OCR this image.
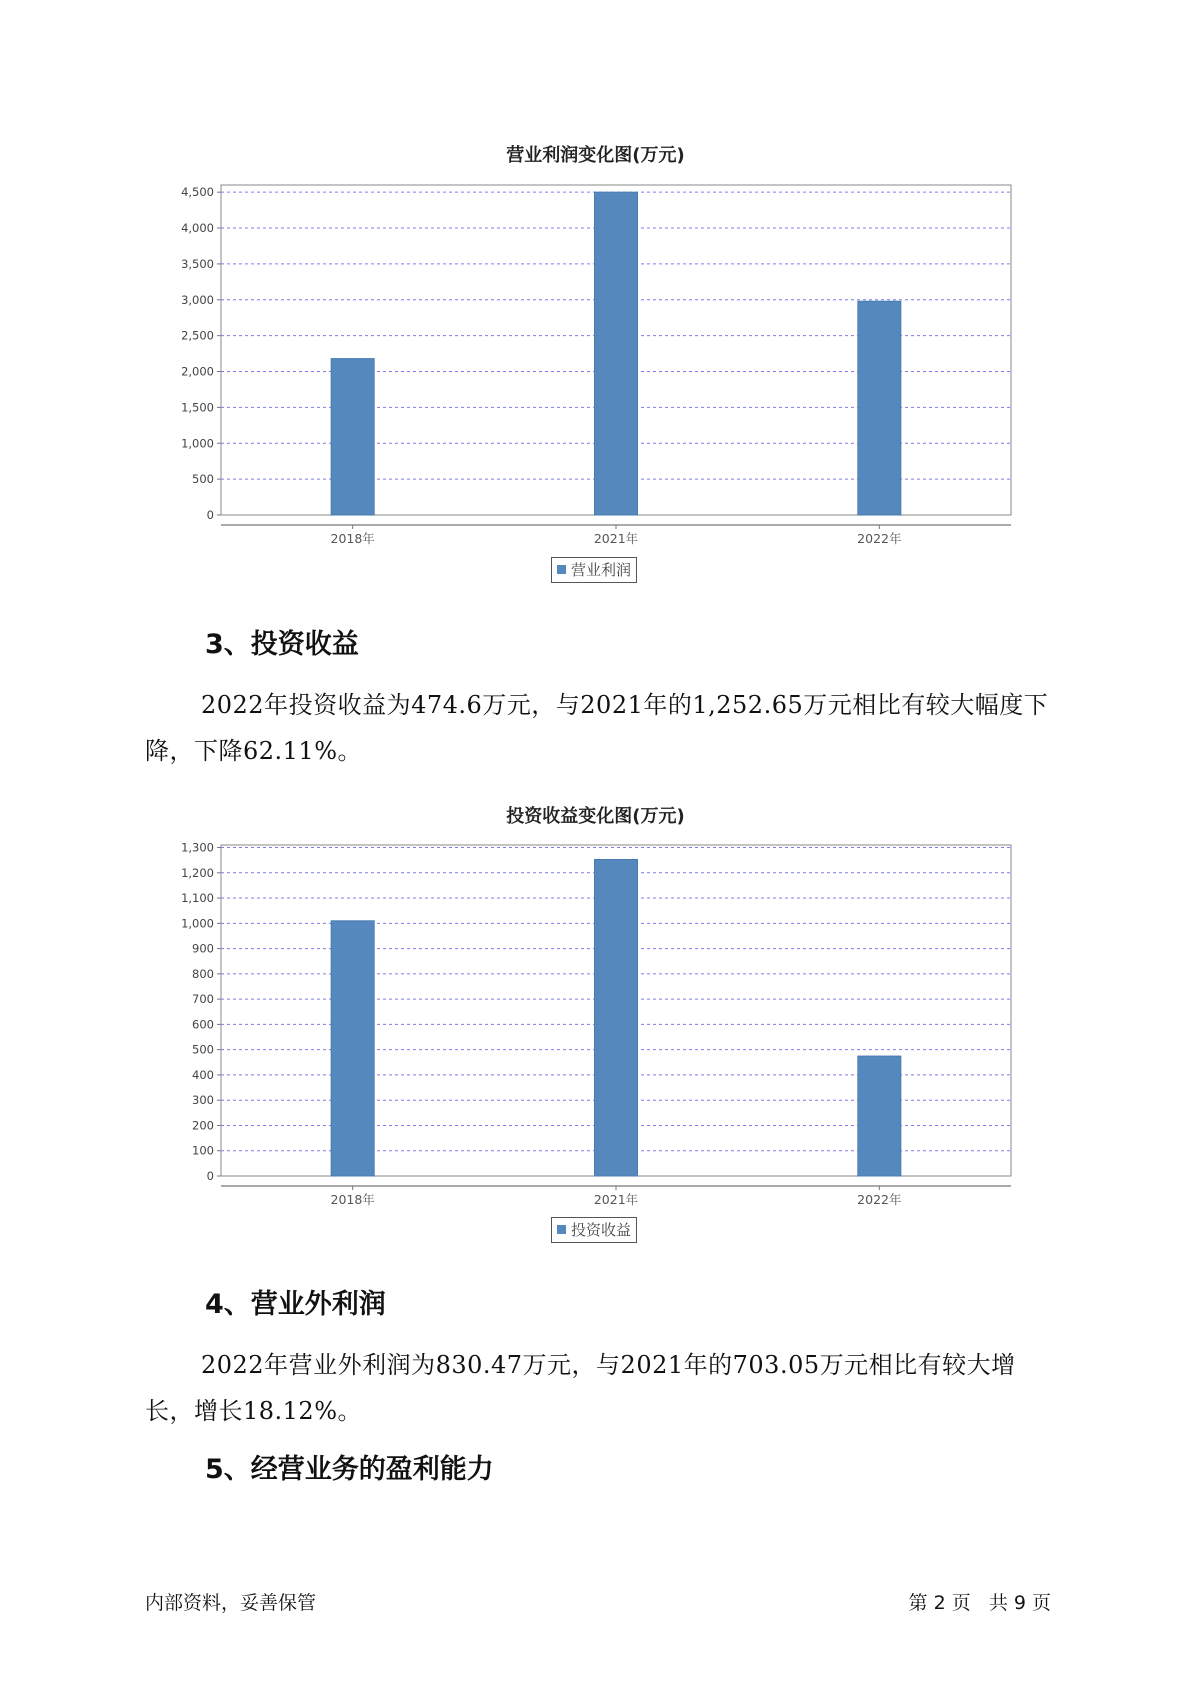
营业利润变化图(万元)
0
500
1,000
1,500
2,000
2,500
3,000
3,500
4,000
4,500
2018年	2021年	2022年
营业利润
3、投资收益

2022年投资收益为474.6万元，与2021年的1,252.65万元相比有较大幅度下降，下降62.11%。

投资收益变化图(万元)
0
100
200
300
400
500
600
700
800
900
1,000
1,100
1,200
1,300
2018年	2021年	2022年
投资收益
4、营业外利润

2022年营业外利润为830.47万元，与2021年的703.05万元相比有较大增长，增长18.12%。

5、经营业务的盈利能力
内部资料，妥善保管	第 2 页   共 9 页
